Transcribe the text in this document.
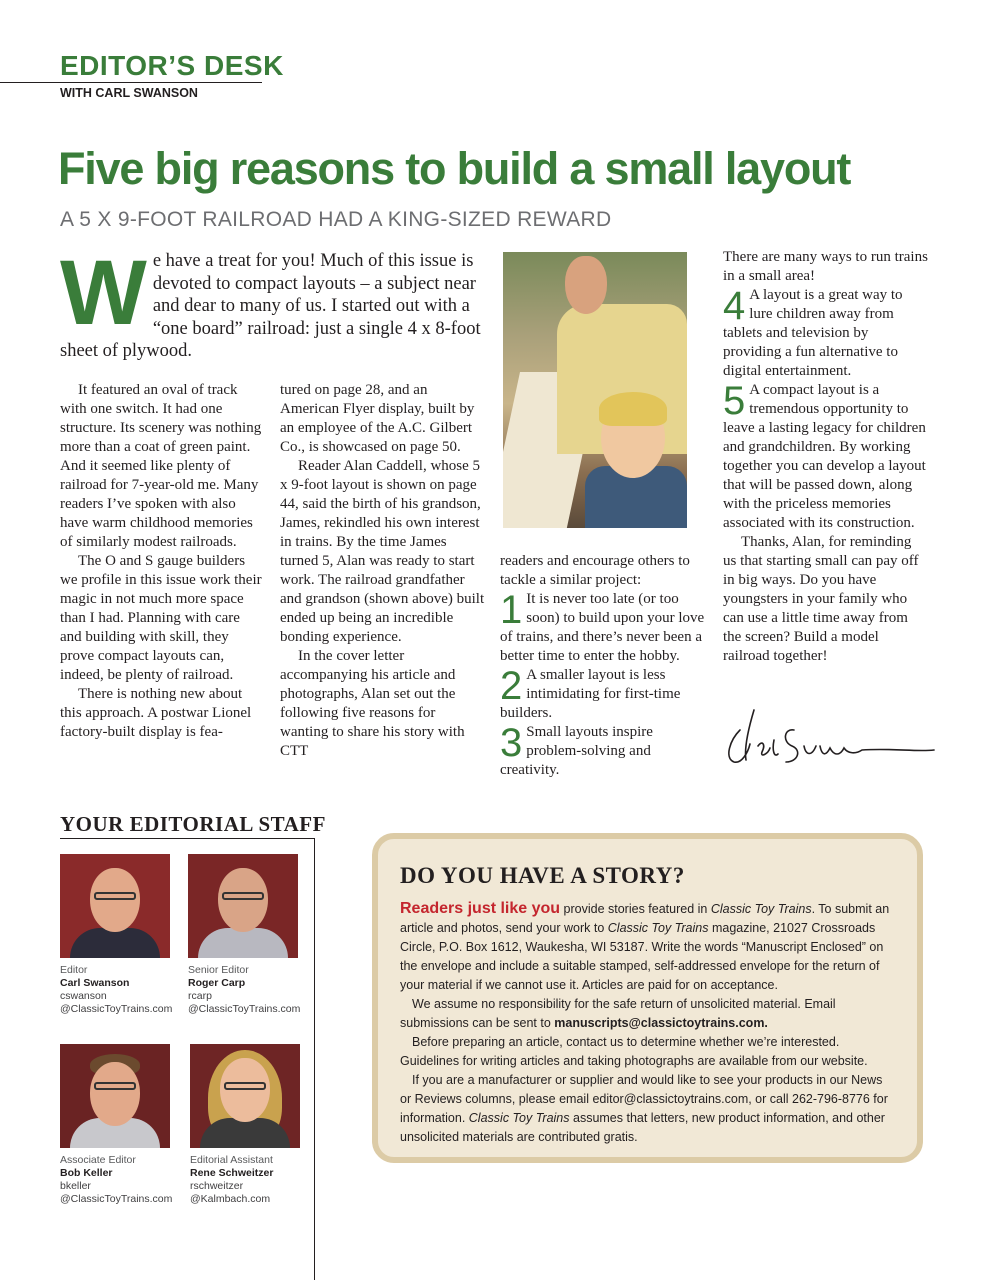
EDITOR’S DESK
WITH CARL SWANSON
Five big reasons to build a small layout
A 5 X 9-FOOT RAILROAD HAD A KING-SIZED REWARD
W e have a treat for you! Much of this issue is devoted to compact layouts – a subject near and dear to many of us. I started out with a “one board” railroad: just a single 4 x 8-foot sheet of plywood.

It featured an oval of track with one switch. It had one structure. Its scenery was nothing more than a coat of green paint. And it seemed like plenty of railroad for 7-year-old me. Many readers I’ve spoken with also have warm childhood memories of similarly modest railroads.

The O and S gauge builders we profile in this issue work their magic in not much more space than I had. Planning with care and building with skill, they prove compact layouts can, indeed, be plenty of railroad.

There is nothing new about this approach. A postwar Lionel factory-built display is fea-

tured on page 28, and an American Flyer display, built by an employee of the A.C. Gilbert Co., is showcased on page 50.

Reader Alan Caddell, whose 5 x 9-foot layout is shown on page 44, said the birth of his grandson, James, rekindled his own interest in trains. By the time James turned 5, Alan was ready to start work. The railroad grandfather and grandson (shown above) built ended up being an incredible bonding experience.

In the cover letter accompanying his article and photographs, Alan set out the following five reasons for wanting to share his story with CTT

readers and encourage others to tackle a similar project:

1 It is never too late (or too soon) to build upon your love of trains, and there’s never been a better time to enter the hobby.
2 A smaller layout is less intimidating for first-time builders.
3 Small layouts inspire problem-solving and creativity.

There are many ways to run trains in a small area!

4 A layout is a great way to lure children away from tablets and television by providing a fun alternative to digital entertainment.
5 A compact layout is a tremendous opportunity to leave a lasting legacy for children and grandchildren. By working together you can develop a layout that will be passed down, along with the priceless memories associated with its construction.

Thanks, Alan, for reminding us that starting small can pay off in big ways. Do you have youngsters in your family who can use a little time away from the screen? Build a model railroad together!

YOUR EDITORIAL STAFF
Editor
Carl Swanson
cswanson
@ClassicToyTrains.com
Senior Editor
Roger Carp
rcarp
@ClassicToyTrains.com
Associate Editor
Bob Keller
bkeller
@ClassicToyTrains.com
Editorial Assistant
Rene Schweitzer
rschweitzer
@Kalmbach.com
DO YOU HAVE A STORY?

Readers just like you provide stories featured in Classic Toy Trains. To submit an article and photos, send your work to Classic Toy Trains magazine, 21027 Crossroads Circle, P.O. Box 1612, Waukesha, WI 53187. Write the words “Manuscript Enclosed” on the envelope and include a suitable stamped, self-addressed envelope for the return of your material if we cannot use it. Articles are paid for on acceptance.

We assume no responsibility for the safe return of unsolicited material. Email submissions can be sent to manuscripts@classictoytrains.com.

Before preparing an article, contact us to determine whether we’re interested. Guidelines for writing articles and taking photographs are available from our website.

If you are a manufacturer or supplier and would like to see your products in our News or Reviews columns, please email editor@classictoytrains.com, or call 262-796-8776 for information. Classic Toy Trains assumes that letters, new product information, and other unsolicited materials are contributed gratis.
